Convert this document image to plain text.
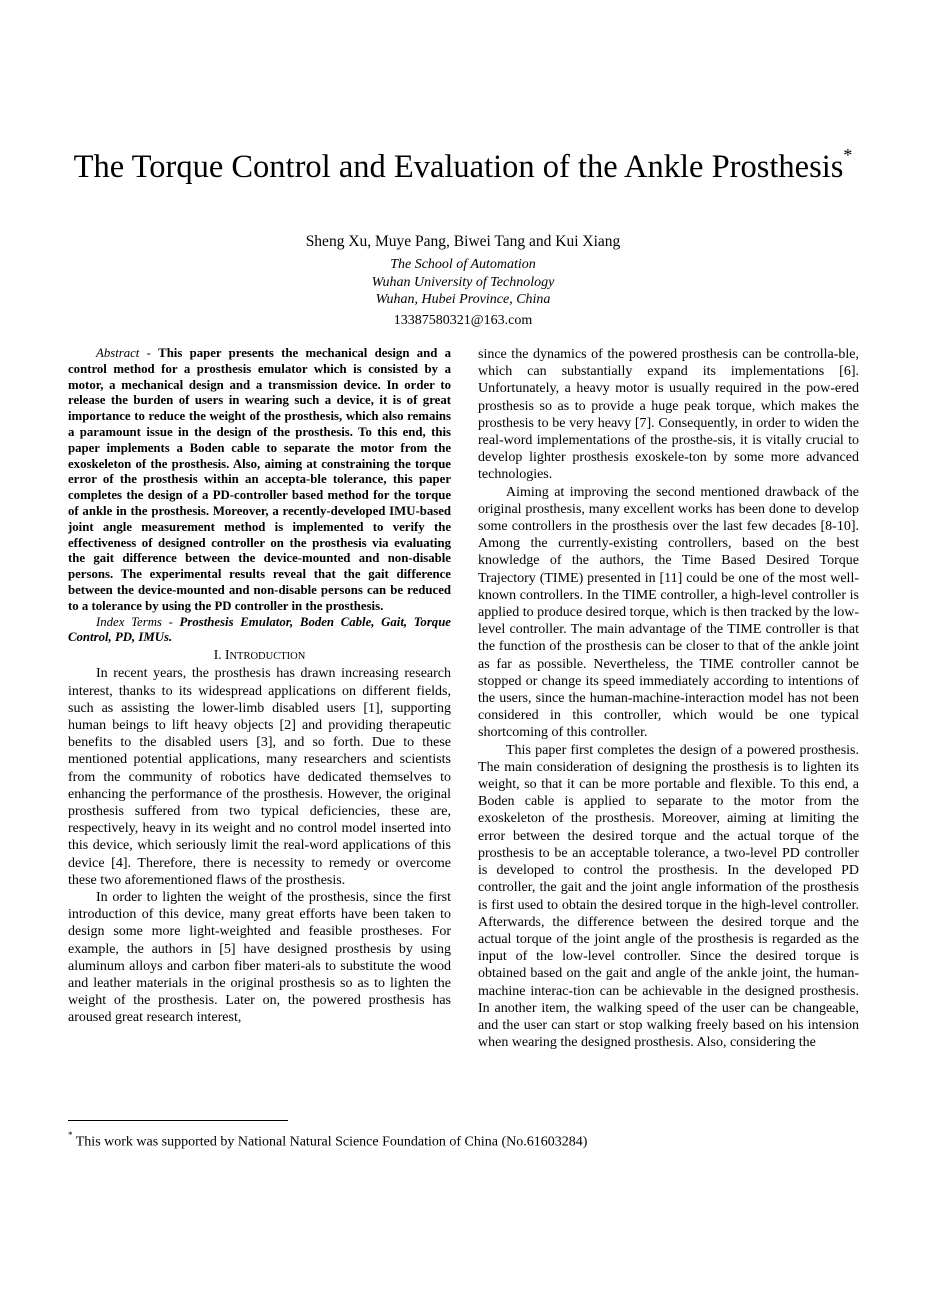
The Torque Control and Evaluation of the Ankle Prosthesis*
Sheng Xu, Muye Pang, Biwei Tang and Kui Xiang
The School of Automation
Wuhan University of Technology
Wuhan, Hubei Province, China
13387580321@163.com

Abstract - This paper presents the mechanical design and a control method for a prosthesis emulator which is consisted by a motor, a mechanical design and a transmission device. In order to release the burden of users in wearing such a device, it is of great importance to reduce the weight of the prosthesis, which also remains a paramount issue in the design of the prosthesis. To this end, this paper implements a Boden cable to separate the motor from the exoskeleton of the prosthesis. Also, aiming at constraining the torque error of the prosthesis within an accepta-ble tolerance, this paper completes the design of a PD-controller based method for the torque of ankle in the prosthesis. Moreover, a recently-developed IMU-based joint angle measurement method is implemented to verify the effectiveness of designed controller on the prosthesis via evaluating the gait difference between the device-mounted and non-disable persons. The experimental results reveal that the gait difference between the device-mounted and non-disable persons can be reduced to a tolerance by using the PD controller in the prosthesis.

Index Terms - Prosthesis Emulator, Boden Cable, Gait, Torque Control, PD, IMUs.

I. INTRODUCTION

In recent years, the prosthesis has drawn increasing research interest, thanks to its widespread applications on different fields, such as assisting the lower-limb disabled users [1], supporting human beings to lift heavy objects [2] and providing therapeutic benefits to the disabled users [3], and so forth. Due to these mentioned potential applications, many researchers and scientists from the community of robotics have dedicated themselves to enhancing the performance of the prosthesis. However, the original prosthesis suffered from two typical deficiencies, these are, respectively, heavy in its weight and no control model inserted into this device, which seriously limit the real-word applications of this device [4]. Therefore, there is necessity to remedy or overcome these two aforementioned flaws of the prosthesis.

In order to lighten the weight of the prosthesis, since the first introduction of this device, many great efforts have been taken to design some more light-weighted and feasible prostheses. For example, the authors in [5] have designed prosthesis by using aluminum alloys and carbon fiber materi-als to substitute the wood and leather materials in the original prosthesis so as to lighten the weight of the prosthesis. Later on, the powered prosthesis has aroused great research interest,

since the dynamics of the powered prosthesis can be controlla-ble, which can substantially expand its implementations [6]. Unfortunately, a heavy motor is usually required in the pow-ered prosthesis so as to provide a huge peak torque, which makes the prosthesis to be very heavy [7]. Consequently, in order to widen the real-word implementations of the prosthe-sis, it is vitally crucial to develop lighter prosthesis exoskele-ton by some more advanced technologies.

Aiming at improving the second mentioned drawback of the original prosthesis, many excellent works has been done to develop some controllers in the prosthesis over the last few decades [8-10]. Among the currently-existing controllers, based on the best knowledge of the authors, the Time Based Desired Torque Trajectory (TIME) presented in [11] could be one of the most well-known controllers. In the TIME controller, a high-level controller is applied to produce desired torque, which is then tracked by the low-level controller. The main advantage of the TIME controller is that the function of the prosthesis can be closer to that of the ankle joint as far as possible. Nevertheless, the TIME controller cannot be stopped or change its speed immediately according to intentions of the users, since the human-machine-interaction model has not been considered in this controller, which would be one typical shortcoming of this controller.

This paper first completes the design of a powered prosthesis. The main consideration of designing the prosthesis is to lighten its weight, so that it can be more portable and flexible. To this end, a Boden cable is applied to separate to the motor from the exoskeleton of the prosthesis. Moreover, aiming at limiting the error between the desired torque and the actual torque of the prosthesis to be an acceptable tolerance, a two-level PD controller is developed to control the prosthesis. In the developed PD controller, the gait and the joint angle information of the prosthesis is first used to obtain the desired torque in the high-level controller. Afterwards, the difference between the desired torque and the actual torque of the joint angle of the prosthesis is regarded as the input of the low-level controller. Since the desired torque is obtained based on the gait and angle of the ankle joint, the human-machine interac-tion can be achievable in the designed prosthesis. In another item, the walking speed of the user can be changeable, and the user can start or stop walking freely based on his intension when wearing the designed prosthesis. Also, considering the

* This work was supported by National Natural Science Foundation of China (No.61603284)
